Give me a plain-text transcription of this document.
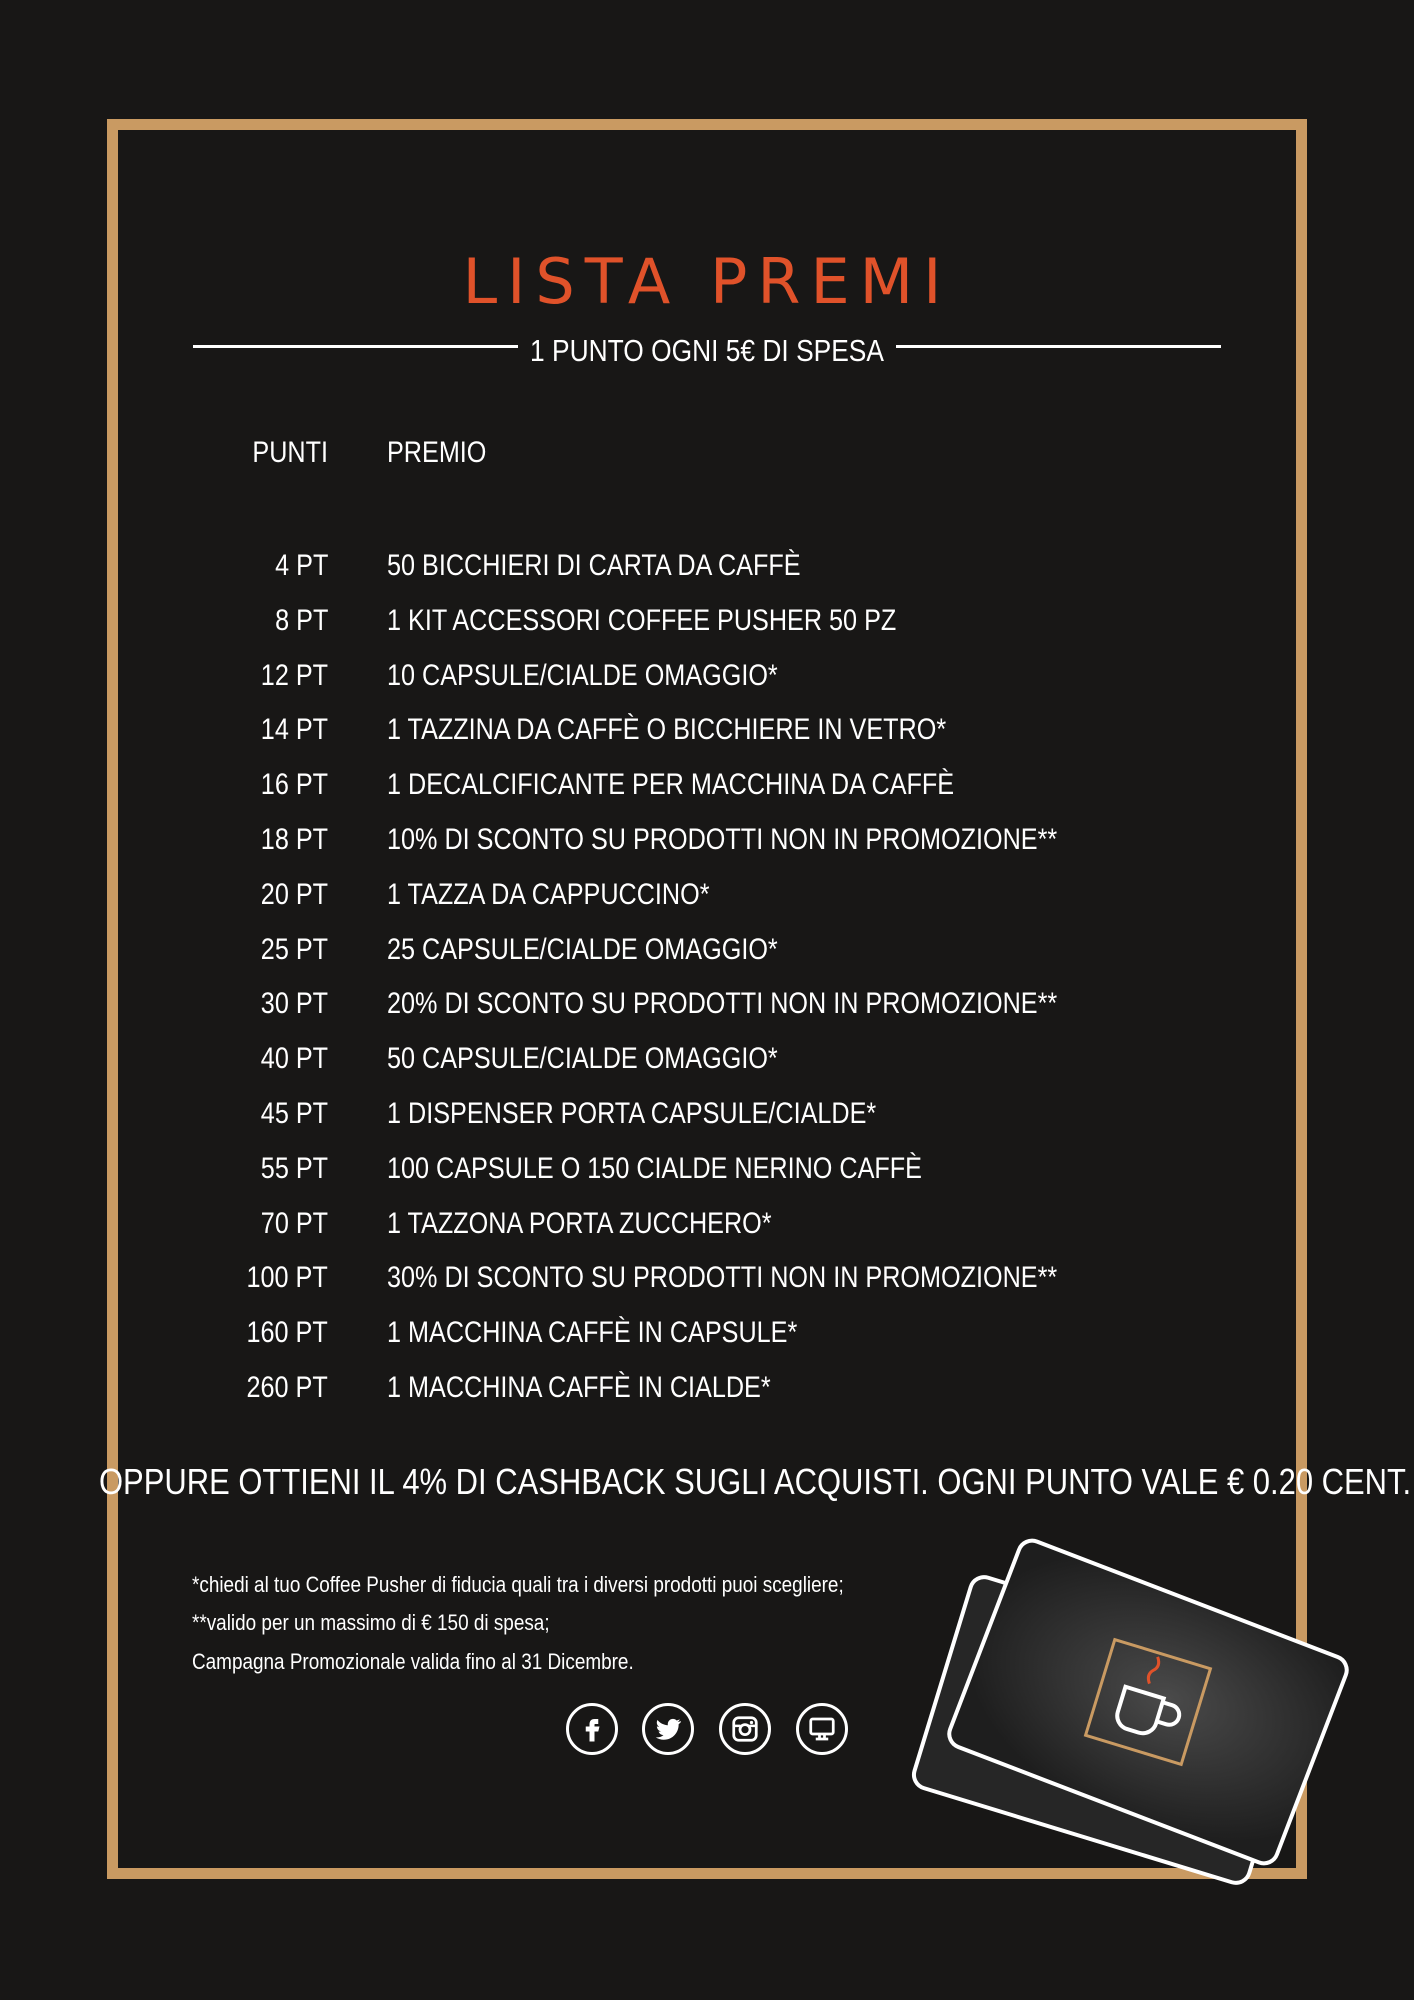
LISTA PREMI
1 PUNTO OGNI 5€ DI SPESA
PUNTI PREMIO
4 PT 50 BICCHIERI DI CARTA DA CAFFÈ
8 PT 1 KIT ACCESSORI COFFEE PUSHER 50 PZ
12 PT 10 CAPSULE/CIALDE OMAGGIO*
14 PT 1 TAZZINA DA CAFFÈ O BICCHIERE IN VETRO*
16 PT 1 DECALCIFICANTE PER MACCHINA DA CAFFÈ
18 PT 10% DI SCONTO SU PRODOTTI NON IN PROMOZIONE**
20 PT 1 TAZZA DA CAPPUCCINO*
25 PT 25 CAPSULE/CIALDE OMAGGIO*
30 PT 20% DI SCONTO SU PRODOTTI NON IN PROMOZIONE**
40 PT 50 CAPSULE/CIALDE OMAGGIO*
45 PT 1 DISPENSER PORTA CAPSULE/CIALDE*
55 PT 100 CAPSULE O 150 CIALDE NERINO CAFFÈ
70 PT 1 TAZZONA PORTA ZUCCHERO*
100 PT 30% DI SCONTO SU PRODOTTI NON IN PROMOZIONE**
160 PT 1 MACCHINA CAFFÈ IN CAPSULE*
260 PT 1 MACCHINA CAFFÈ IN CIALDE*
OPPURE OTTIENI IL 4% DI CASHBACK SUGLI ACQUISTI. OGNI PUNTO VALE € 0.20 CENT.
*chiedi al tuo Coffee Pusher di fiducia quali tra i diversi prodotti puoi scegliere;
**valido per un massimo di € 150 di spesa;
Campagna Promozionale valida fino al 31 Dicembre.
